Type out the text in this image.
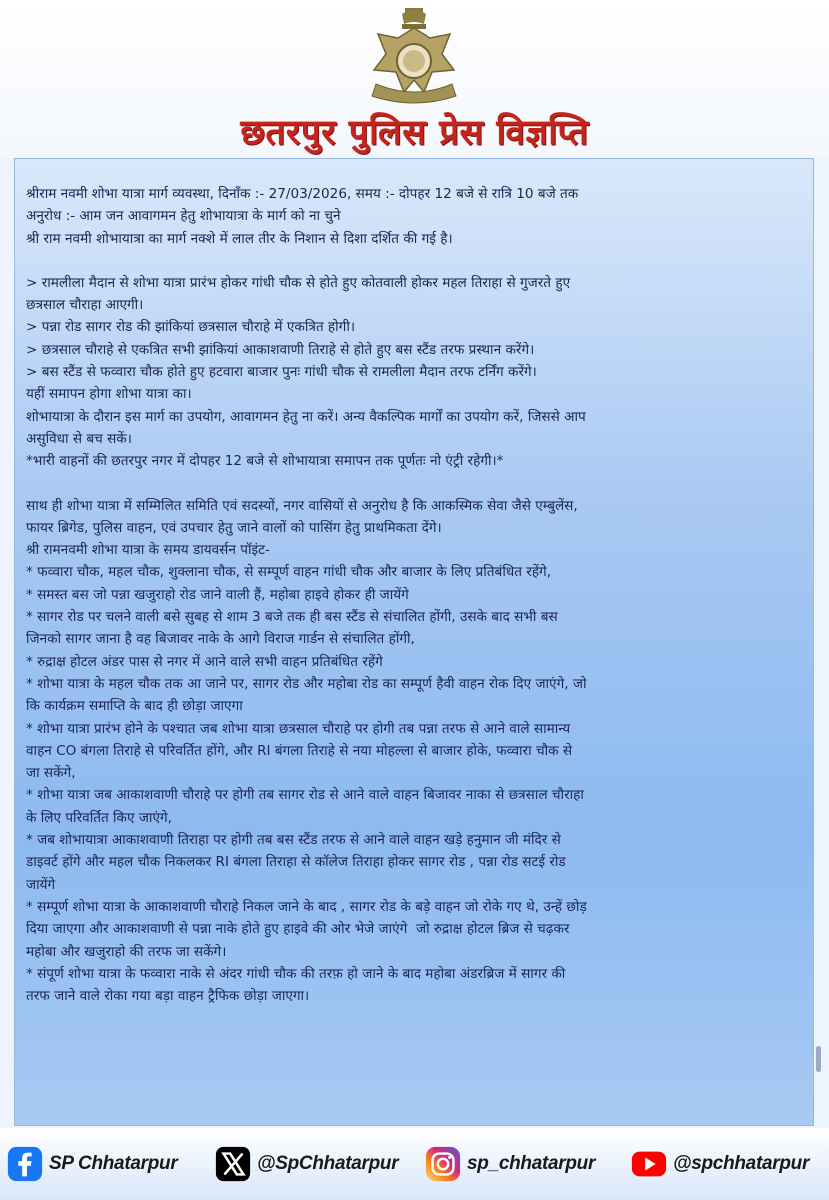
छतरपुर पुलिस प्रेस विज्ञप्ति
श्रीराम नवमी शोभा यात्रा मार्ग व्यवस्था, दिनाँक :- 27/03/2026, समय :- दोपहर 12 बजे से रात्रि 10 बजे तक
अनुरोध :- आम जन आवागमन हेतु शोभायात्रा के मार्ग को ना चुने
श्री राम नवमी शोभायात्रा का मार्ग नक्शे में लाल तीर के निशान से दिशा दर्शित की गई है।
> रामलीला मैदान से शोभा यात्रा प्रारंभ होकर गांधी चौक से होते हुए कोतवाली होकर महल तिराहा से गुजरते हुए
छत्रसाल चौराहा आएगी।
> पन्ना रोड सागर रोड की झांकियां छत्रसाल चौराहे में एकत्रित होगी।
> छत्रसाल चौराहे से एकत्रित सभी झांकियां आकाशवाणी तिराहे से होते हुए बस स्टैंड तरफ प्रस्थान करेंगे।
> बस स्टैंड से फव्वारा चौक होते हुए हटवारा बाजार पुनः गांधी चौक से रामलीला मैदान तरफ टर्निंग करेंगे।
यहीं समापन होगा शोभा यात्रा का।
शोभायात्रा के दौरान इस मार्ग का उपयोग, आवागमन हेतु ना करें। अन्य वैकल्पिक मार्गों का उपयोग करें, जिससे आप
असुविधा से बच सकें।
*भारी वाहनों की छतरपुर नगर में दोपहर 12 बजे से शोभायात्रा समापन तक पूर्णतः नो एंट्री रहेगी।*
साथ ही शोभा यात्रा में सम्मिलित समिति एवं सदस्यों, नगर वासियों से अनुरोध है कि आकस्मिक सेवा जैसे एम्बुलेंस,
फायर ब्रिगेड, पुलिस वाहन, एवं उपचार हेतु जाने वालों को पासिंग हेतु प्राथमिकता देंगे।
श्री रामनवमी शोभा यात्रा के समय डायवर्सन पॉइंट-
* फव्वारा चौक, महल चौक, शुक्लाना चौक, से सम्पूर्ण वाहन गांधी चौक और बाजार के लिए प्रतिबंधित रहेंगे,
* समस्त बस जो पन्ना खजुराहो रोड जाने वाली हैं, महोबा हाइवे होकर ही जायेंगे
* सागर रोड पर चलने वाली बसे सुबह से शाम 3 बजे तक ही बस स्टैंड से संचालित होंगी, उसके बाद सभी बस
जिनको सागर जाना है वह बिजावर नाके के आगे विराज गार्डन से संचालित होंगी,
* रुद्राक्ष होटल अंडर पास से नगर में आने वाले सभी वाहन प्रतिबंधित रहेंगे
* शोभा यात्रा के महल चौक तक आ जाने पर, सागर रोड और महोबा रोड का सम्पूर्ण हैवी वाहन रोक दिए जाएंगे, जो
कि कार्यक्रम समाप्ति के बाद ही छोड़ा जाएगा
* शोभा यात्रा प्रारंभ होने के पश्चात जब शोभा यात्रा छत्रसाल चौराहे पर होगी तब पन्ना तरफ से आने वाले सामान्य
वाहन CO बंगला तिराहे से परिवर्तित होंगे, और RI बंगला तिराहे से नया मोहल्ला से बाजार होके, फव्वारा चौक से
जा सकेंगे,
* शोभा यात्रा जब आकाशवाणी चौराहे पर होगी तब सागर रोड से आने वाले वाहन बिजावर नाका से छत्रसाल चौराहा
के लिए परिवर्तित किए जाएंगे,
* जब शोभायात्रा आकाशवाणी तिराहा पर होगी तब बस स्टैंड तरफ से आने वाले वाहन खड़े हनुमान जी मंदिर से
डाइवर्ट होंगे और महल चौक निकलकर RI बंगला तिराहा से कॉलेज तिराहा होकर सागर रोड , पन्ना रोड सटई रोड
जायेंगे
* सम्पूर्ण शोभा यात्रा के आकाशवाणी चौराहे निकल जाने के बाद , सागर रोड के बड़े वाहन जो रोके गए थे, उन्हें छोड़
दिया जाएगा और आकाशवाणी से पन्ना नाके होते हुए हाइवे की ओर भेजे जाएंगे  जो रुद्राक्ष होटल ब्रिज से चढ़कर
महोबा और खजुराहो की तरफ जा सकेंगे।
* संपूर्ण शोभा यात्रा के फव्वारा नाके से अंदर गांधी चौक की तरफ़ हो जाने के बाद महोबा अंडरब्रिज में सागर की
तरफ जाने वाले रोका गया बड़ा वाहन ट्रैफिक छोड़ा जाएगा।
SP Chhatarpur	@SpChhatarpur	sp_chhatarpur	@spchhatarpur
